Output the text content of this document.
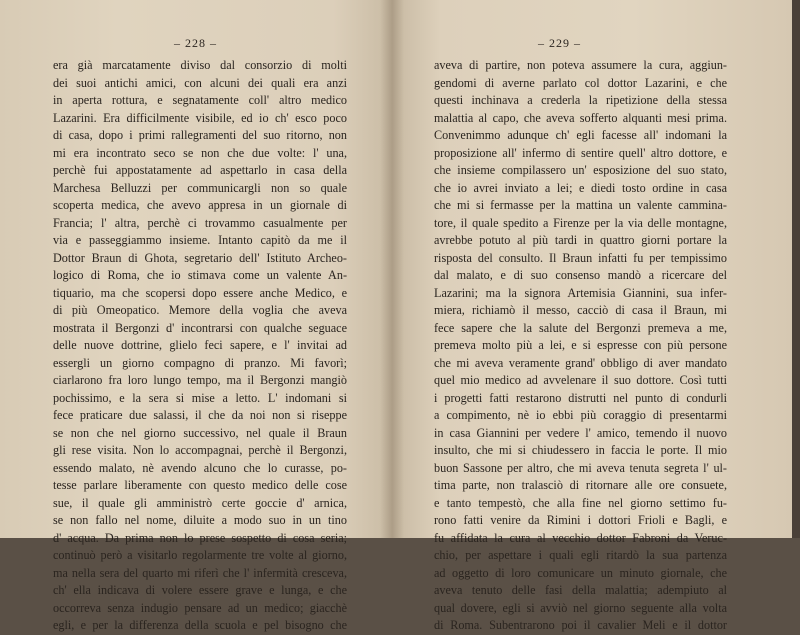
– 228 –
era già marcatamente diviso dal consorzio di molti
dei suoi antichi amici, con alcuni dei quali era anzi
in aperta rottura, e segnatamente coll' altro medico
Lazarini. Era difficilmente visibile, ed io ch' esco poco
di casa, dopo i primi rallegramenti del suo ritorno, non
mi era incontrato seco se non che due volte: l' una,
perchè fui appostatamente ad aspettarlo in casa della
Marchesa Belluzzi per communicargli non so quale
scoperta medica, che avevo appresa in un giornale di
Francia; l' altra, perchè ci trovammo casualmente per
via e passeggiammo insieme. Intanto capitò da me il
Dottor Braun di Ghota, segretario dell' Istituto Archeo-
logico di Roma, che io stimava come un valente An-
tiquario, ma che scopersi dopo essere anche Medico, e
di più Omeopatico. Memore della voglia che aveva
mostrata il Bergonzi d' incontrarsi con qualche seguace
delle nuove dottrine, glielo feci sapere, e l' invitai ad
essergli un giorno compagno di pranzo. Mi favorì;
ciarlarono fra loro lungo tempo, ma il Bergonzi mangiò
pochissimo, e la sera si mise a letto. L' indomani si
fece praticare due salassi, il che da noi non si riseppe
se non che nel giorno successivo, nel quale il Braun
gli rese visita. Non lo accompagnai, perchè il Bergonzi,
essendo malato, nè avendo alcuno che lo curasse, po-
tesse parlare liberamente con questo medico delle cose
sue, il quale gli amministrò certe goccie d' arnica,
se non fallo nel nome, diluite a modo suo in un tino
d' acqua. Da prima non lo prese sospetto di cosa seria;
continuò però a visitarlo regolarmente tre volte al giorno,
ma nella sera del quarto mi riferì che l' infermità cresceva,
ch' ella indicava di volere essere grave e lunga, e che
occorreva senza indugio pensare ad un medico; giacchè
egli, e per la differenza della scuola e pel bisogno che
– 229 –
aveva di partire, non poteva assumere la cura, aggiun-
gendomi di averne parlato col dottor Lazarini, e che
questi inchinava a crederla la ripetizione della stessa
malattia al capo, che aveva sofferto alquanti mesi prima.
Convenimmo adunque ch' egli facesse all' indomani la
proposizione all' infermo di sentire quell' altro dottore, e
che insieme compilassero un' esposizione del suo stato,
che io avrei inviato a lei; e diedi tosto ordine in casa
che mi si fermasse per la mattina un valente cammina-
tore, il quale spedito a Firenze per la via delle montagne,
avrebbe potuto al più tardi in quattro giorni portare la
risposta del consulto. Il Braun infatti fu per tempissimo
dal malato, e di suo consenso mandò a ricercare del
Lazarini; ma la signora Artemisia Giannini, sua infer-
miera, richiamò il messo, cacciò di casa il Braun, mi
fece sapere che la salute del Bergonzi premeva a me,
premeva molto più a lei, e si espresse con più persone
che mi aveva veramente grand' obbligo di aver mandato
quel mio medico ad avvelenare il suo dottore. Così tutti
i progetti fatti restarono distrutti nel punto di condurli
a compimento, nè io ebbi più coraggio di presentarmi
in casa Giannini per vedere l' amico, temendo il nuovo
insulto, che mi si chiudessero in faccia le porte. Il mio
buon Sassone per altro, che mi aveva tenuta segreta l' ul-
tima parte, non tralasciò di ritornare alle ore consuete,
e tanto tempestò, che alla fine nel giorno settimo fu-
rono fatti venire da Rimini i dottori Frioli e Bagli, e
fu affidata la cura al vecchio dottor Fabroni da Veruc-
chio, per aspettare i quali egli ritardò la sua partenza
ad oggetto di loro comunicare un minuto giornale, che
aveva tenuto delle fasi della malattia; adempiuto al
qual dovere, egli si avviò nel giorno seguente alla volta
di Roma. Subentrarono poi il cavalier Meli e il dottor
